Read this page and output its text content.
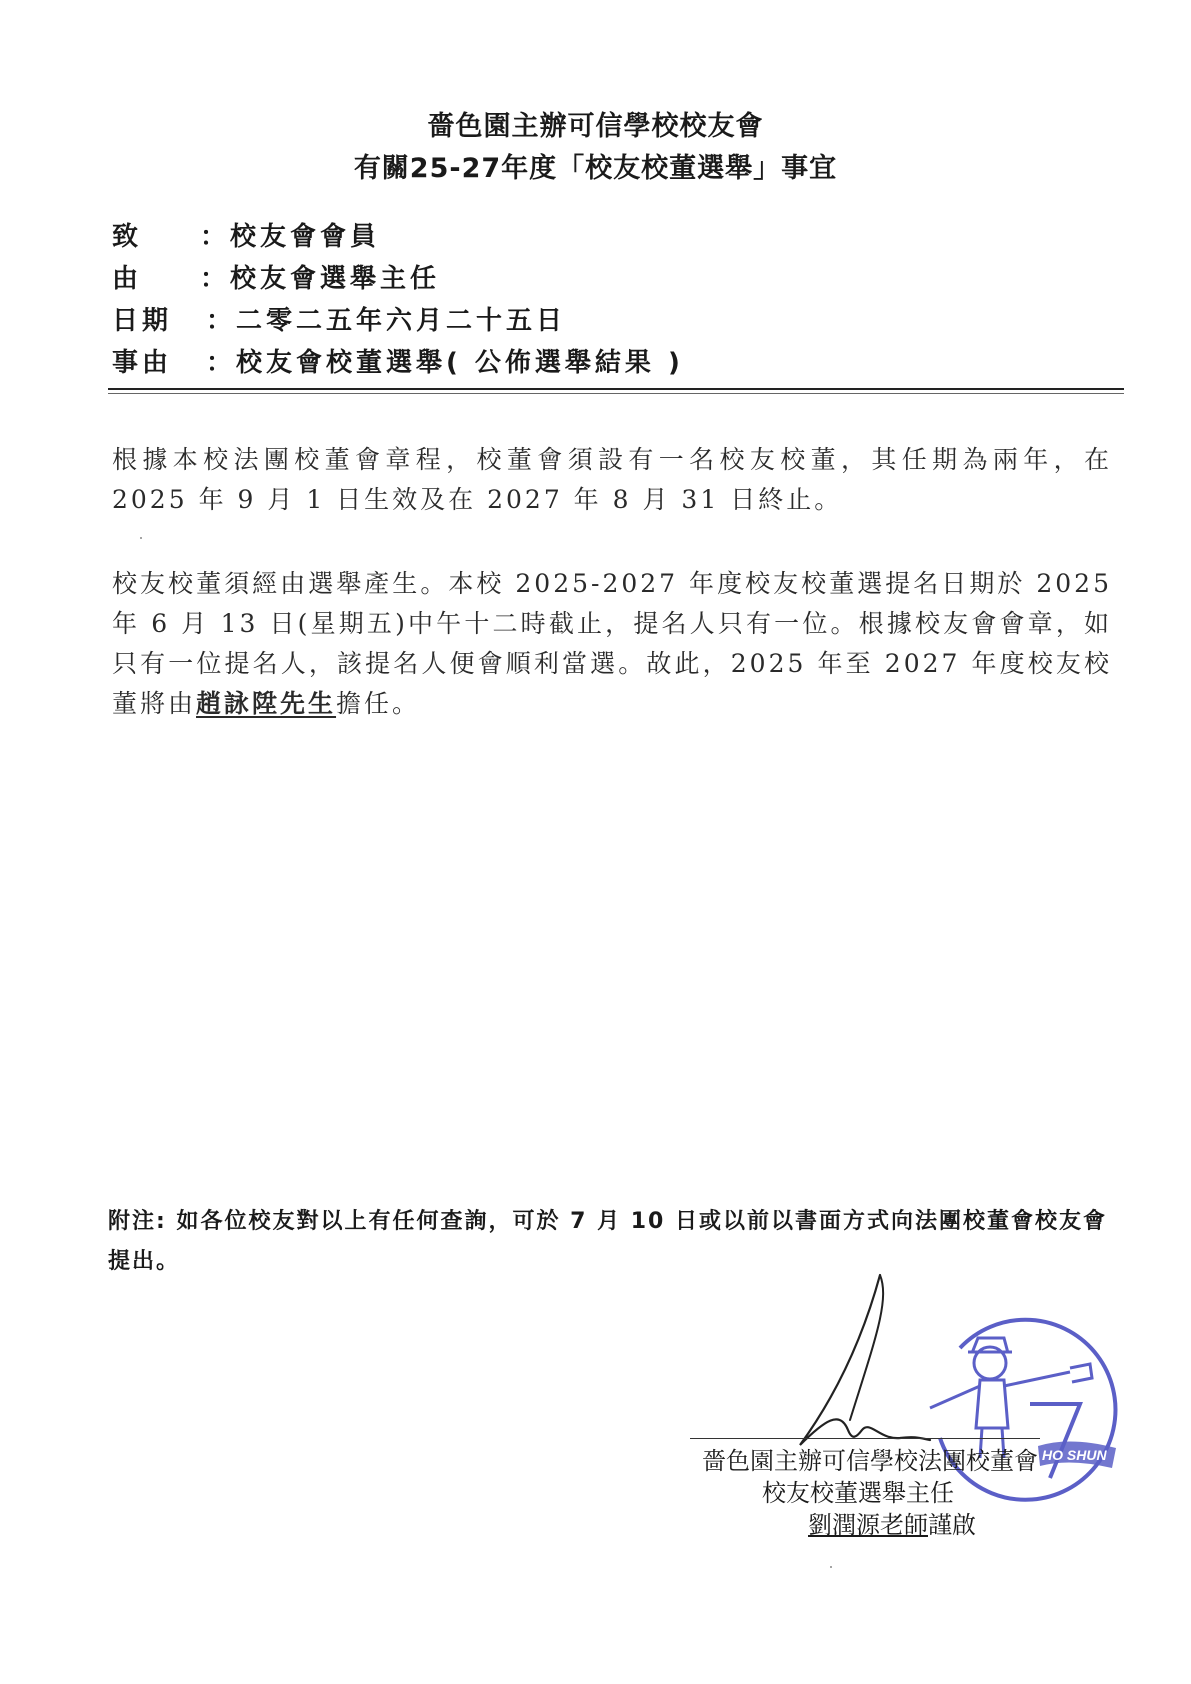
嗇色園主辦可信學校校友會
有關25-27年度「校友校董選舉」事宜
致 ：校友會會員
由 ：校友會選舉主任
日期 ：二零二五年六月二十五日
事由 ：校友會校董選舉( 公佈選舉結果 )
根據本校法團校董會章程，校董會須設有一名校友校董，其任期為兩年，在 2025 年 9 月 1 日生效及在 2027 年 8 月 31 日終止。
校友校董須經由選舉產生。本校 2025-2027 年度校友校董選提名日期於 2025 年 6 月 13 日(星期五)中午十二時截止，提名人只有一位。根據校友會會章，如只有一位提名人，該提名人便會順利當選。故此，2025 年至 2027 年度校友校董將由趙詠陞先生擔任。
附注: 如各位校友對以上有任何查詢，可於 7 月 10 日或以前以書面方式向法團校董會校友會提出。
HO SHUN
嗇色園主辦可信學校法團校董會
校友校董選舉主任
劉潤源老師謹啟
